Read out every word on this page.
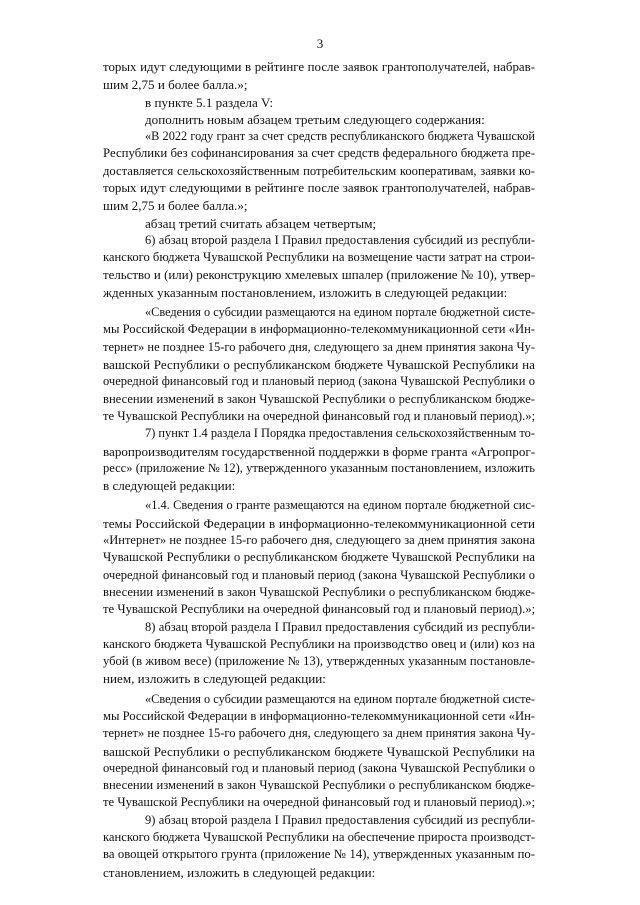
3
торых идут следующими в рейтинге после заявок грантополучателей, набрав-
шим 2,75 и более балла.»;
в пункте 5.1 раздела V:
дополнить новым абзацем третьим следующего содержания:
«В 2022 году грант за счет средств республиканского бюджета Чувашской
Республики без софинансирования за счет средств федерального бюджета пре-
доставляется сельскохозяйственным потребительским кооперативам, заявки ко-
торых идут следующими в рейтинге после заявок грантополучателей, набрав-
шим 2,75 и более балла.»;
абзац третий считать абзацем четвертым;
6) абзац второй раздела I Правил предоставления субсидий из республи-
канского бюджета Чувашской Республики на возмещение части затрат на строи-
тельство и (или) реконструкцию хмелевых шпалер (приложение № 10), утвер-
жденных указанным постановлением, изложить в следующей редакции:
«Сведения о субсидии размещаются на едином портале бюджетной систе-
мы Российской Федерации в информационно-телекоммуникационной сети «Ин-
тернет» не позднее 15-го рабочего дня, следующего за днем принятия закона Чу-
вашской Республики о республиканском бюджете Чувашской Республики на
очередной финансовый год и плановый период (закона Чувашской Республики о
внесении изменений в закон Чувашской Республики о республиканском бюдже-
те Чувашской Республики на очередной финансовый год и плановый период).»;
7) пункт 1.4 раздела I Порядка предоставления сельскохозяйственным то-
варопроизводителям государственной поддержки в форме гранта «Агропрог-
ресс» (приложение № 12), утвержденного указанным постановлением, изложить
в следующей редакции:
«1.4. Сведения о гранте размещаются на едином портале бюджетной сис-
темы Российской Федерации в информационно-телекоммуникационной сети
«Интернет» не позднее 15-го рабочего дня, следующего за днем принятия закона
Чувашской Республики о республиканском бюджете Чувашской Республики на
очередной финансовый год и плановый период (закона Чувашской Республики о
внесении изменений в закон Чувашской Республики о республиканском бюдже-
те Чувашской Республики на очередной финансовый год и плановый период).»;
8) абзац второй раздела I Правил предоставления субсидий из республи-
канского бюджета Чувашской Республики на производство овец и (или) коз на
убой (в живом весе) (приложение № 13), утвержденных указанным постановле-
нием, изложить в следующей редакции:
«Сведения о субсидии размещаются на едином портале бюджетной систе-
мы Российской Федерации в информационно-телекоммуникационной сети «Ин-
тернет» не позднее 15-го рабочего дня, следующего за днем принятия закона Чу-
вашской Республики о республиканском бюджете Чувашской Республики на
очередной финансовый год и плановый период (закона Чувашской Республики о
внесении изменений в закон Чувашской Республики о республиканском бюдже-
те Чувашской Республики на очередной финансовый год и плановый период).»;
9) абзац второй раздела I Правил предоставления субсидий из республи-
канского бюджета Чувашской Республики на обеспечение прироста производст-
ва овощей открытого грунта (приложение № 14), утвержденных указанным по-
становлением, изложить в следующей редакции:
